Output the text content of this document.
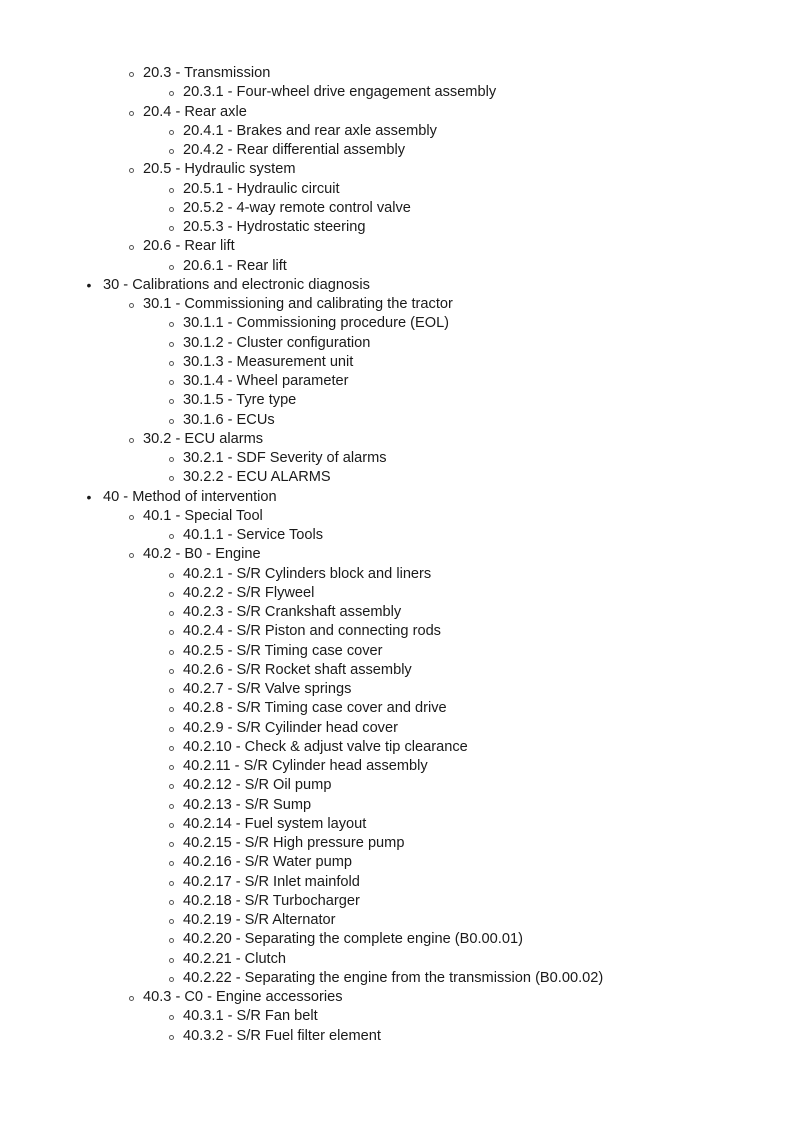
20.3 - Transmission
20.3.1 - Four-wheel drive engagement assembly
20.4 - Rear axle
20.4.1 - Brakes and rear axle assembly
20.4.2 - Rear differential assembly
20.5 - Hydraulic system
20.5.1 - Hydraulic circuit
20.5.2 - 4-way remote control valve
20.5.3 - Hydrostatic steering
20.6 - Rear lift
20.6.1 - Rear lift
• 30 - Calibrations and electronic diagnosis
30.1 - Commissioning and calibrating the tractor
30.1.1 - Commissioning procedure (EOL)
30.1.2 - Cluster configuration
30.1.3 - Measurement unit
30.1.4 - Wheel parameter
30.1.5 - Tyre type
30.1.6 - ECUs
30.2 - ECU alarms
30.2.1 - SDF Severity of alarms
30.2.2 - ECU ALARMS
• 40 - Method of intervention
40.1 - Special Tool
40.1.1 - Service Tools
40.2 - B0 - Engine
40.2.1 - S/R Cylinders block and liners
40.2.2 - S/R Flyweel
40.2.3 - S/R Crankshaft assembly
40.2.4 - S/R Piston and connecting rods
40.2.5 - S/R Timing case cover
40.2.6 - S/R Rocket shaft assembly
40.2.7 - S/R Valve springs
40.2.8 - S/R Timing case cover and drive
40.2.9 - S/R Cyilinder head cover
40.2.10 - Check & adjust valve tip clearance
40.2.11 - S/R Cylinder head assembly
40.2.12 - S/R Oil pump
40.2.13 - S/R Sump
40.2.14 - Fuel system layout
40.2.15 - S/R High pressure pump
40.2.16 - S/R Water pump
40.2.17 - S/R Inlet mainfold
40.2.18 - S/R Turbocharger
40.2.19 - S/R Alternator
40.2.20 - Separating the complete engine (B0.00.01)
40.2.21 - Clutch
40.2.22 - Separating the engine from the transmission (B0.00.02)
40.3 - C0 - Engine accessories
40.3.1 - S/R Fan belt
40.3.2 - S/R Fuel filter element
